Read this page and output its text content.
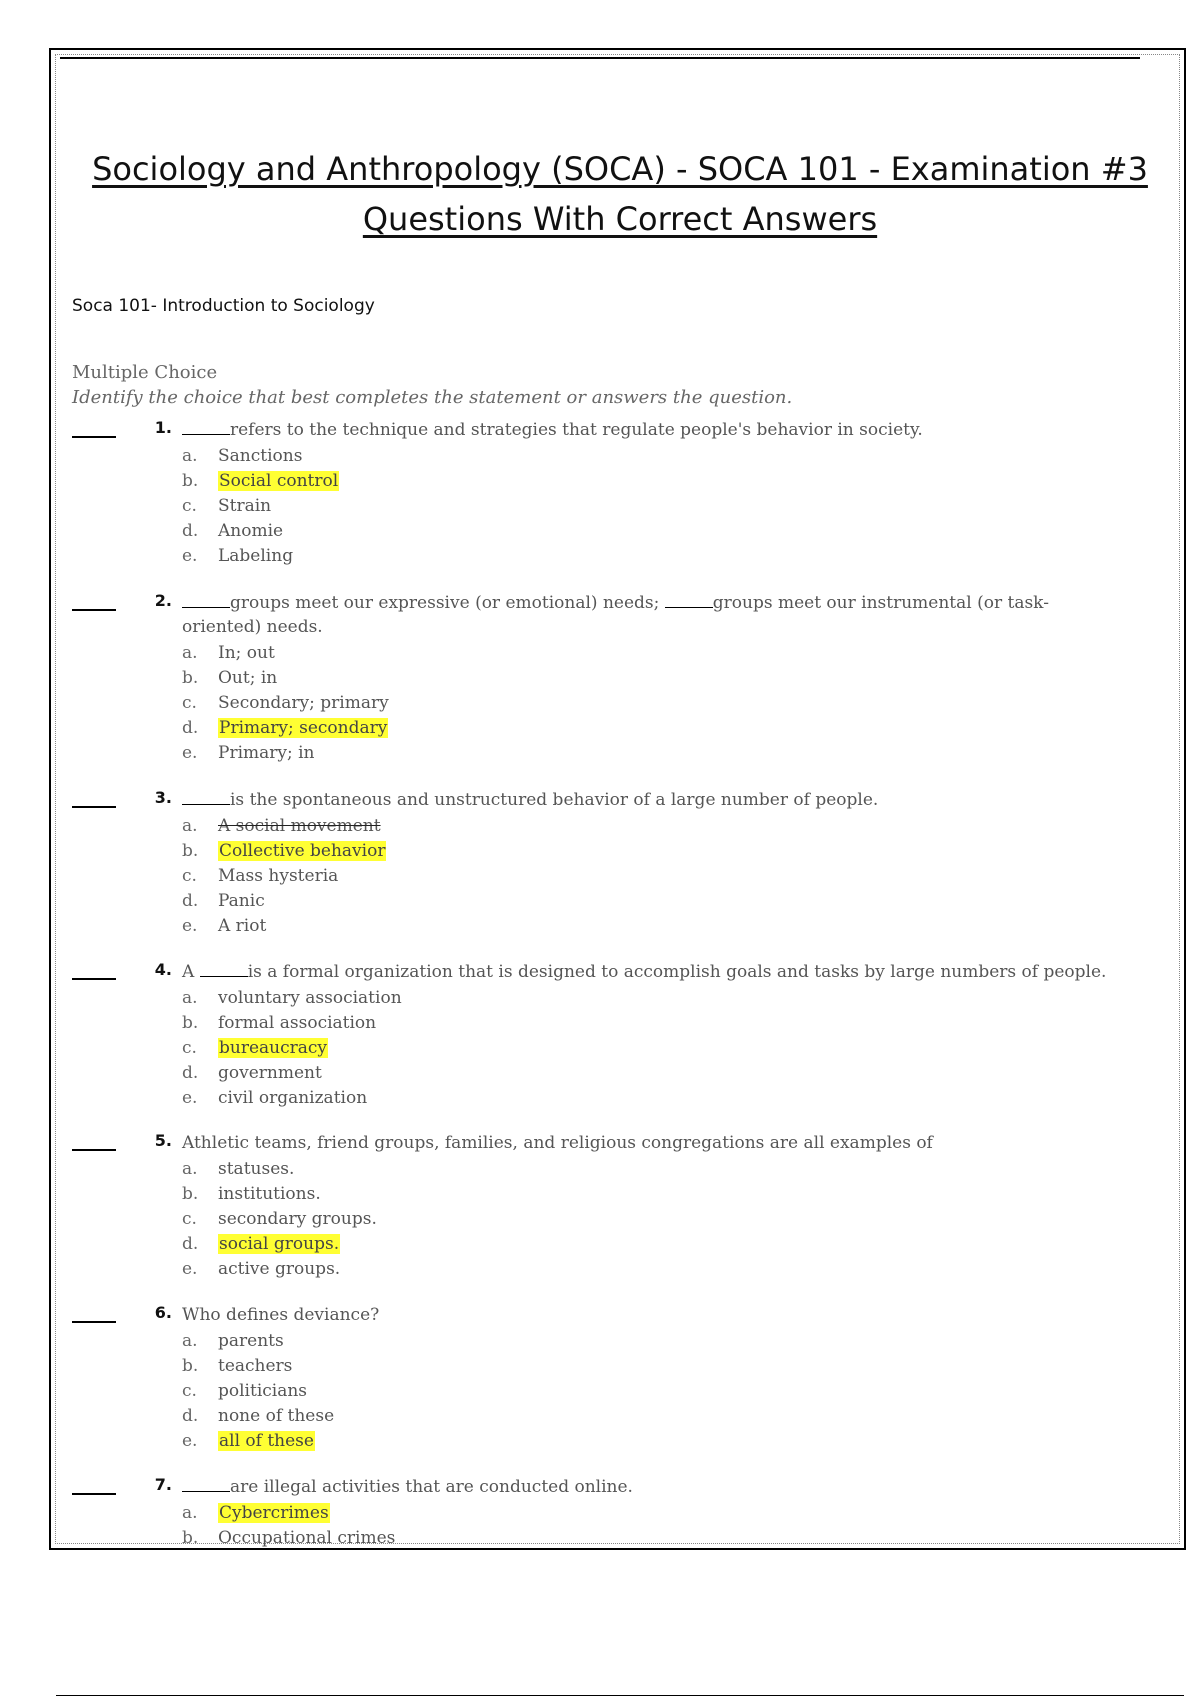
Sociology and Anthropology (SOCA) - SOCA 101 - Examination #3
Questions With Correct Answers
Soca 101- Introduction to Sociology
Multiple Choice
Identify the choice that best completes the statement or answers the question.
1.	refers to the technique and strategies that regulate people's behavior in society.
a. Sanctions
b. Social control
c. Strain
d. Anomie
e. Labeling
2.	groups meet our expressive (or emotional) needs;	groups meet our instrumental (or task- oriented) needs.
a. In; out
b. Out; in
c. Secondary; primary
d. Primary; secondary
e. Primary; in
3.	is the spontaneous and unstructured behavior of a large number of people.
a. A social movement
b. Collective behavior
c. Mass hysteria
d. Panic
e. A riot
4. A	is a formal organization that is designed to accomplish goals and tasks by large numbers of people.
a. voluntary association
b. formal association
c. bureaucracy
d. government
e. civil organization
5. Athletic teams, friend groups, families, and religious congregations are all examples of
a. statuses.
b. institutions.
c. secondary groups.
d. social groups.
e. active groups.
6. Who defines deviance?
a. parents
b. teachers
c. politicians
d. none of these
e. all of these
7.	are illegal activities that are conducted online.
a. Cybercrimes
b. Occupational crimes
